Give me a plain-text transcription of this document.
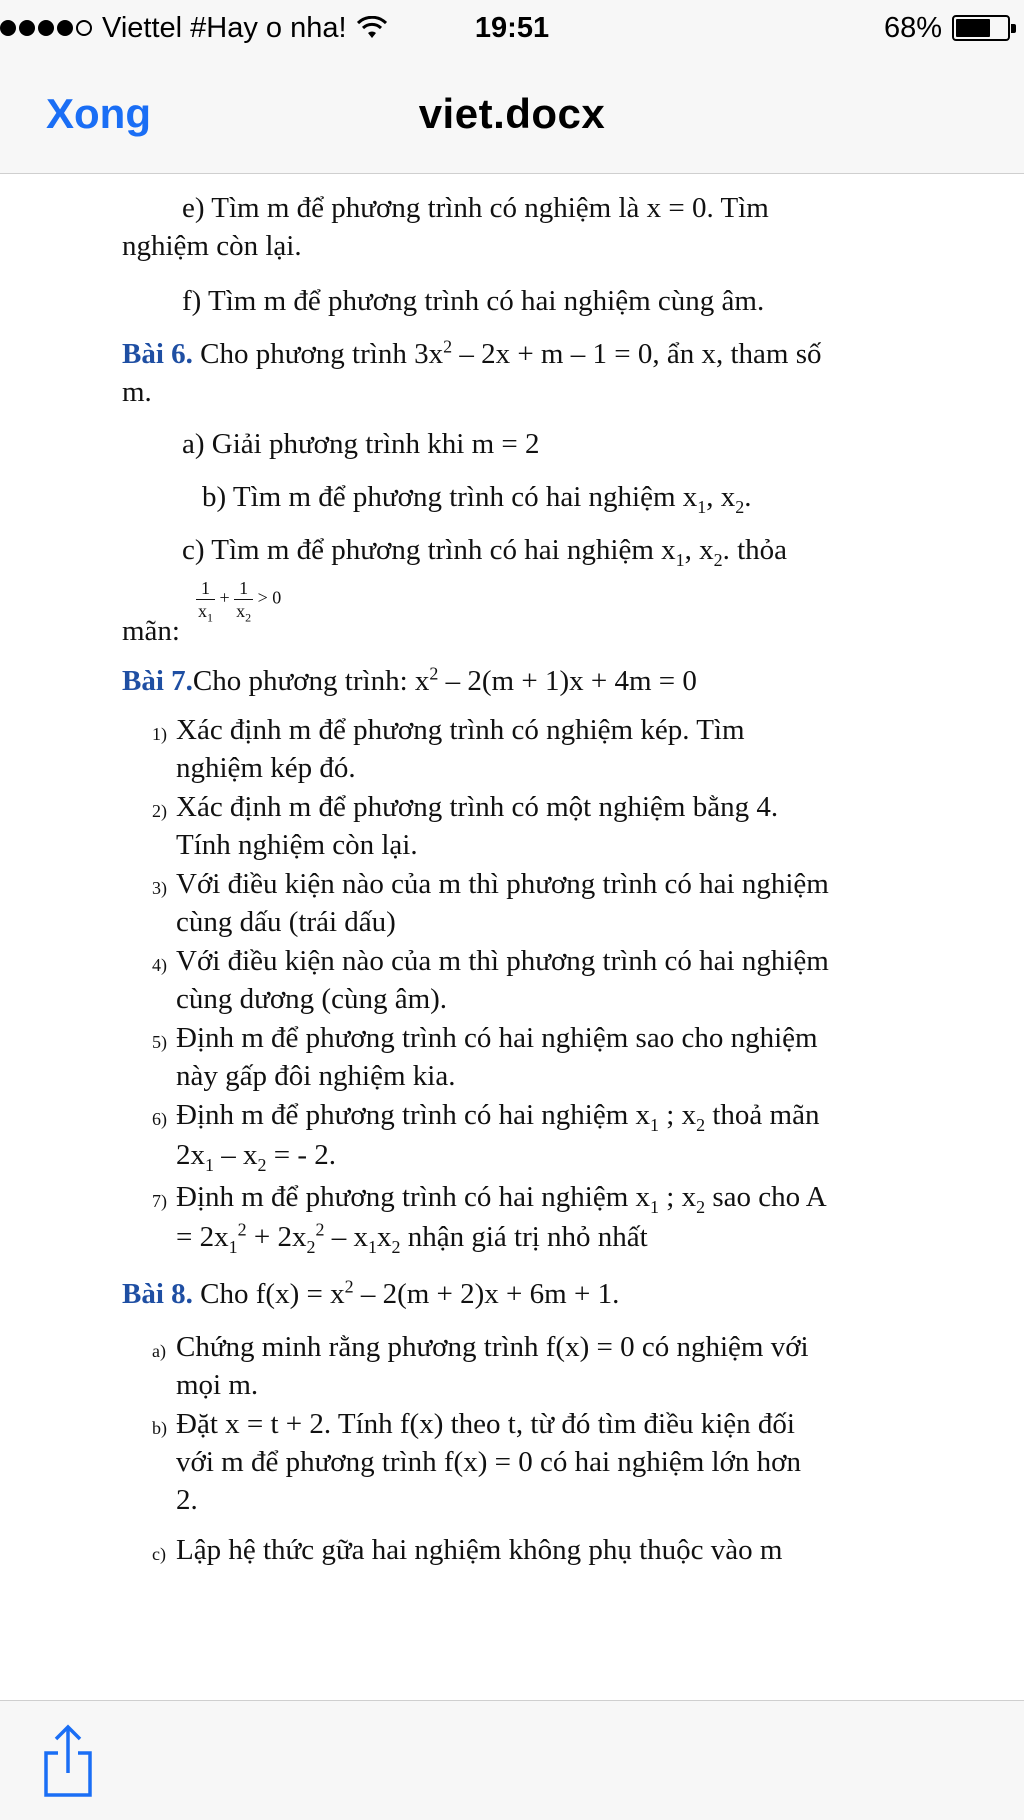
Viettel #Hay o nha!	19:51	68%
Xong	viet.docx
e) Tìm m để phương trình có nghiệm là x = 0. Tìm
nghiệm còn lại.
f) Tìm m để phương trình có hai nghiệm cùng âm.
Bài 6. Cho phương trình $3x^2 - 2x + m - 1 = 0$, ẩn x, tham số
m.
a) Giải phương trình khi m = 2
b) Tìm m để phương trình có hai nghiệm $x_1$, $x_2$.
c) Tìm m để phương trình có hai nghiệm $x_1$, $x_2$. thỏa
mãn:
$\frac{1}{x_1} + \frac{1}{x_2} > 0$
Bài 7.Cho phương trình: $x^2 - 2(m + 1)x + 4m = 0$
1) Xác định m để phương trình có nghiệm kép. Tìm
nghiệm kép đó.
2) Xác định m để phương trình có một nghiệm bằng 4.
Tính nghiệm còn lại.
3) Với điều kiện nào của m thì phương trình có hai nghiệm
cùng dấu (trái dấu)
4) Với điều kiện nào của m thì phương trình có hai nghiệm
cùng dương (cùng âm).
5) Định m để phương trình có hai nghiệm sao cho nghiệm
này gấp đôi nghiệm kia.
6) Định m để phương trình có hai nghiệm $x_1$ ; $x_2$ thoả mãn
$2x_1 - x_2$ = - 2.
7) Định m để phương trình có hai nghiệm $x_1$ ; $x_2$ sao cho A
= $2x_1^2 + 2x_2^2 - x_1x_2$ nhận giá trị nhỏ nhất
Bài 8. Cho $f(x) = x^2 - 2(m + 2)x + 6m + 1$.
a) Chứng minh rằng phương trình f(x) = 0 có nghiệm với
mọi m.
b) Đặt x = t + 2. Tính f(x) theo t, từ đó tìm điều kiện đối
với m để phương trình f(x) = 0 có hai nghiệm lớn hơn
2.
c) Lập hệ thức gữa hai nghiệm không phụ thuộc vào m
